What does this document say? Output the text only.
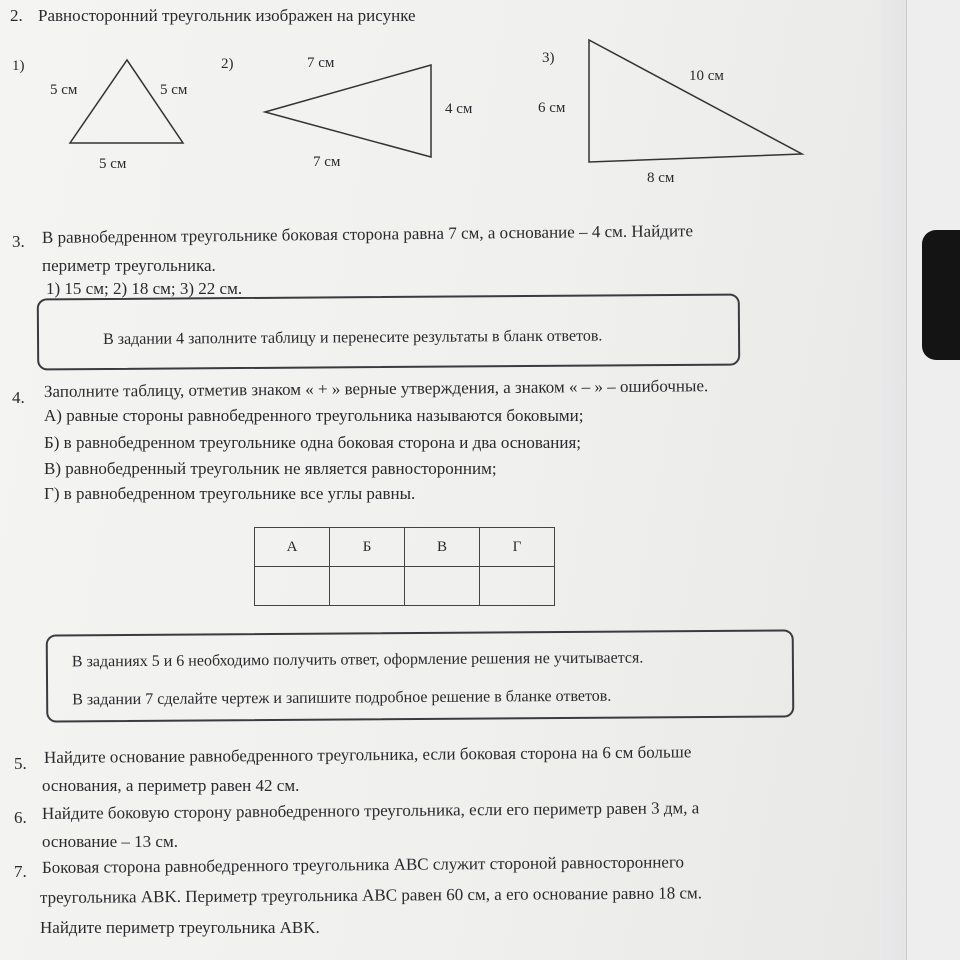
2. Равносторонний треугольник изображен на рисунке
1)
5 см	5 см
5 см
2)	7 см
4 см
7 см
3)
10 см
6 см
8 см
3. В равнобедренном треугольнике боковая сторона равна 7 см, а основание – 4 см. Найдите
периметр треугольника.
1) 15 см; 2) 18 см; 3) 22 см.
В задании 4 заполните таблицу и перенесите результаты в бланк ответов.
4. Заполните таблицу, отметив знаком « + » верные утверждения, а знаком « – » – ошибочные.
А) равные стороны равнобедренного треугольника называются боковыми;
Б) в равнобедренном треугольнике одна боковая сторона и два основания;
В) равнобедренный треугольник не является равносторонним;
Г) в равнобедренном треугольнике все углы равны.
А	Б	В	Г

В заданиях 5 и 6 необходимо получить ответ, оформление решения не учитывается.
В задании 7 сделайте чертеж и запишите подробное решение в бланке ответов.
5. Найдите основание равнобедренного треугольника, если боковая сторона на 6 см больше
основания, а периметр равен 42 см.
6. Найдите боковую сторону равнобедренного треугольника, если его периметр равен 3 дм, а
основание – 13 см.
7. Боковая сторона равнобедренного треугольника ABC служит стороной равностороннего
треугольника ABK. Периметр треугольника ABC равен 60 см, а его основание равно 18 см.
Найдите периметр треугольника ABK.
